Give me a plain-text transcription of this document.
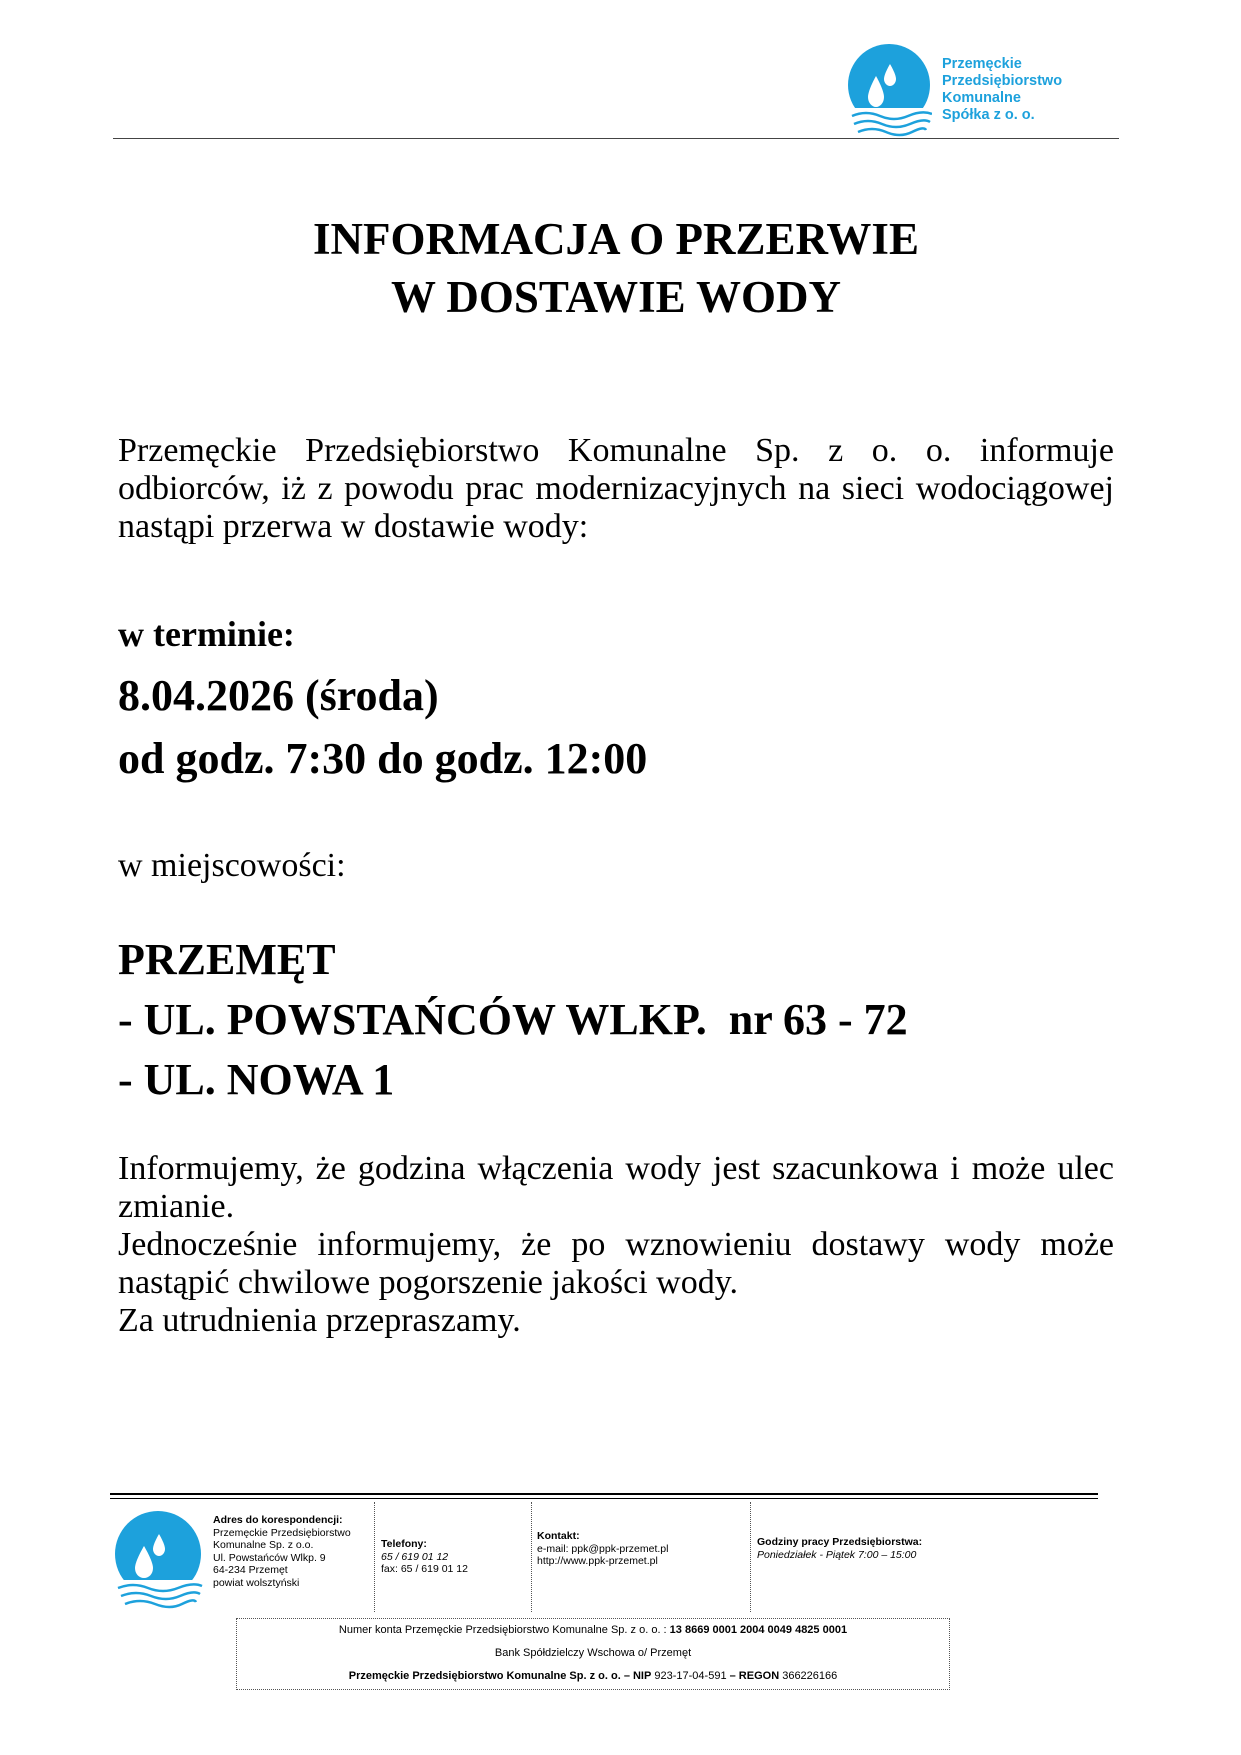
Przemęckie
Przedsiębiorstwo
Komunalne
Spółka z o. o.
INFORMACJA O PRZERWIE
W DOSTAWIE WODY
Przemęckie Przedsiębiorstwo Komunalne Sp. z o. o. informuje odbiorców, iż z powodu prac modernizacyjnych na sieci wodociągowej nastąpi przerwa w dostawie wody:
w terminie:
8.04.2026 (środa)
od godz. 7:30 do godz. 12:00
w miejscowości:
PRZEMĘT
- UL. POWSTAŃCÓW WLKP.  nr 63 - 72
- UL. NOWA 1
Informujemy, że godzina włączenia wody jest szacunkowa i może ulec zmianie.
Jednocześnie informujemy, że po wznowieniu dostawy wody może nastąpić chwilowe pogorszenie jakości wody.
Za utrudnienia przepraszamy.
Adres do korespondencji:
Przemęckie Przedsiębiorstwo
Komunalne Sp. z o.o.
Ul. Powstańców Wlkp. 9
64-234 Przemęt
powiat wolsztyński
Telefony:
65 / 619 01 12
fax: 65 / 619 01 12
Kontakt:
e-mail: ppk@ppk-przemet.pl
http://www.ppk-przemet.pl
Godziny pracy Przedsiębiorstwa:
Poniedziałek - Piątek 7:00 – 15:00
Numer konta Przemęckie Przedsiębiorstwo Komunalne Sp. z o. o. : 13 8669 0001 2004 0049 4825 0001
Bank Spółdzielczy Wschowa o/ Przemęt
Przemęckie Przedsiębiorstwo Komunalne Sp. z o. o. – NIP 923-17-04-591 – REGON 366226166
